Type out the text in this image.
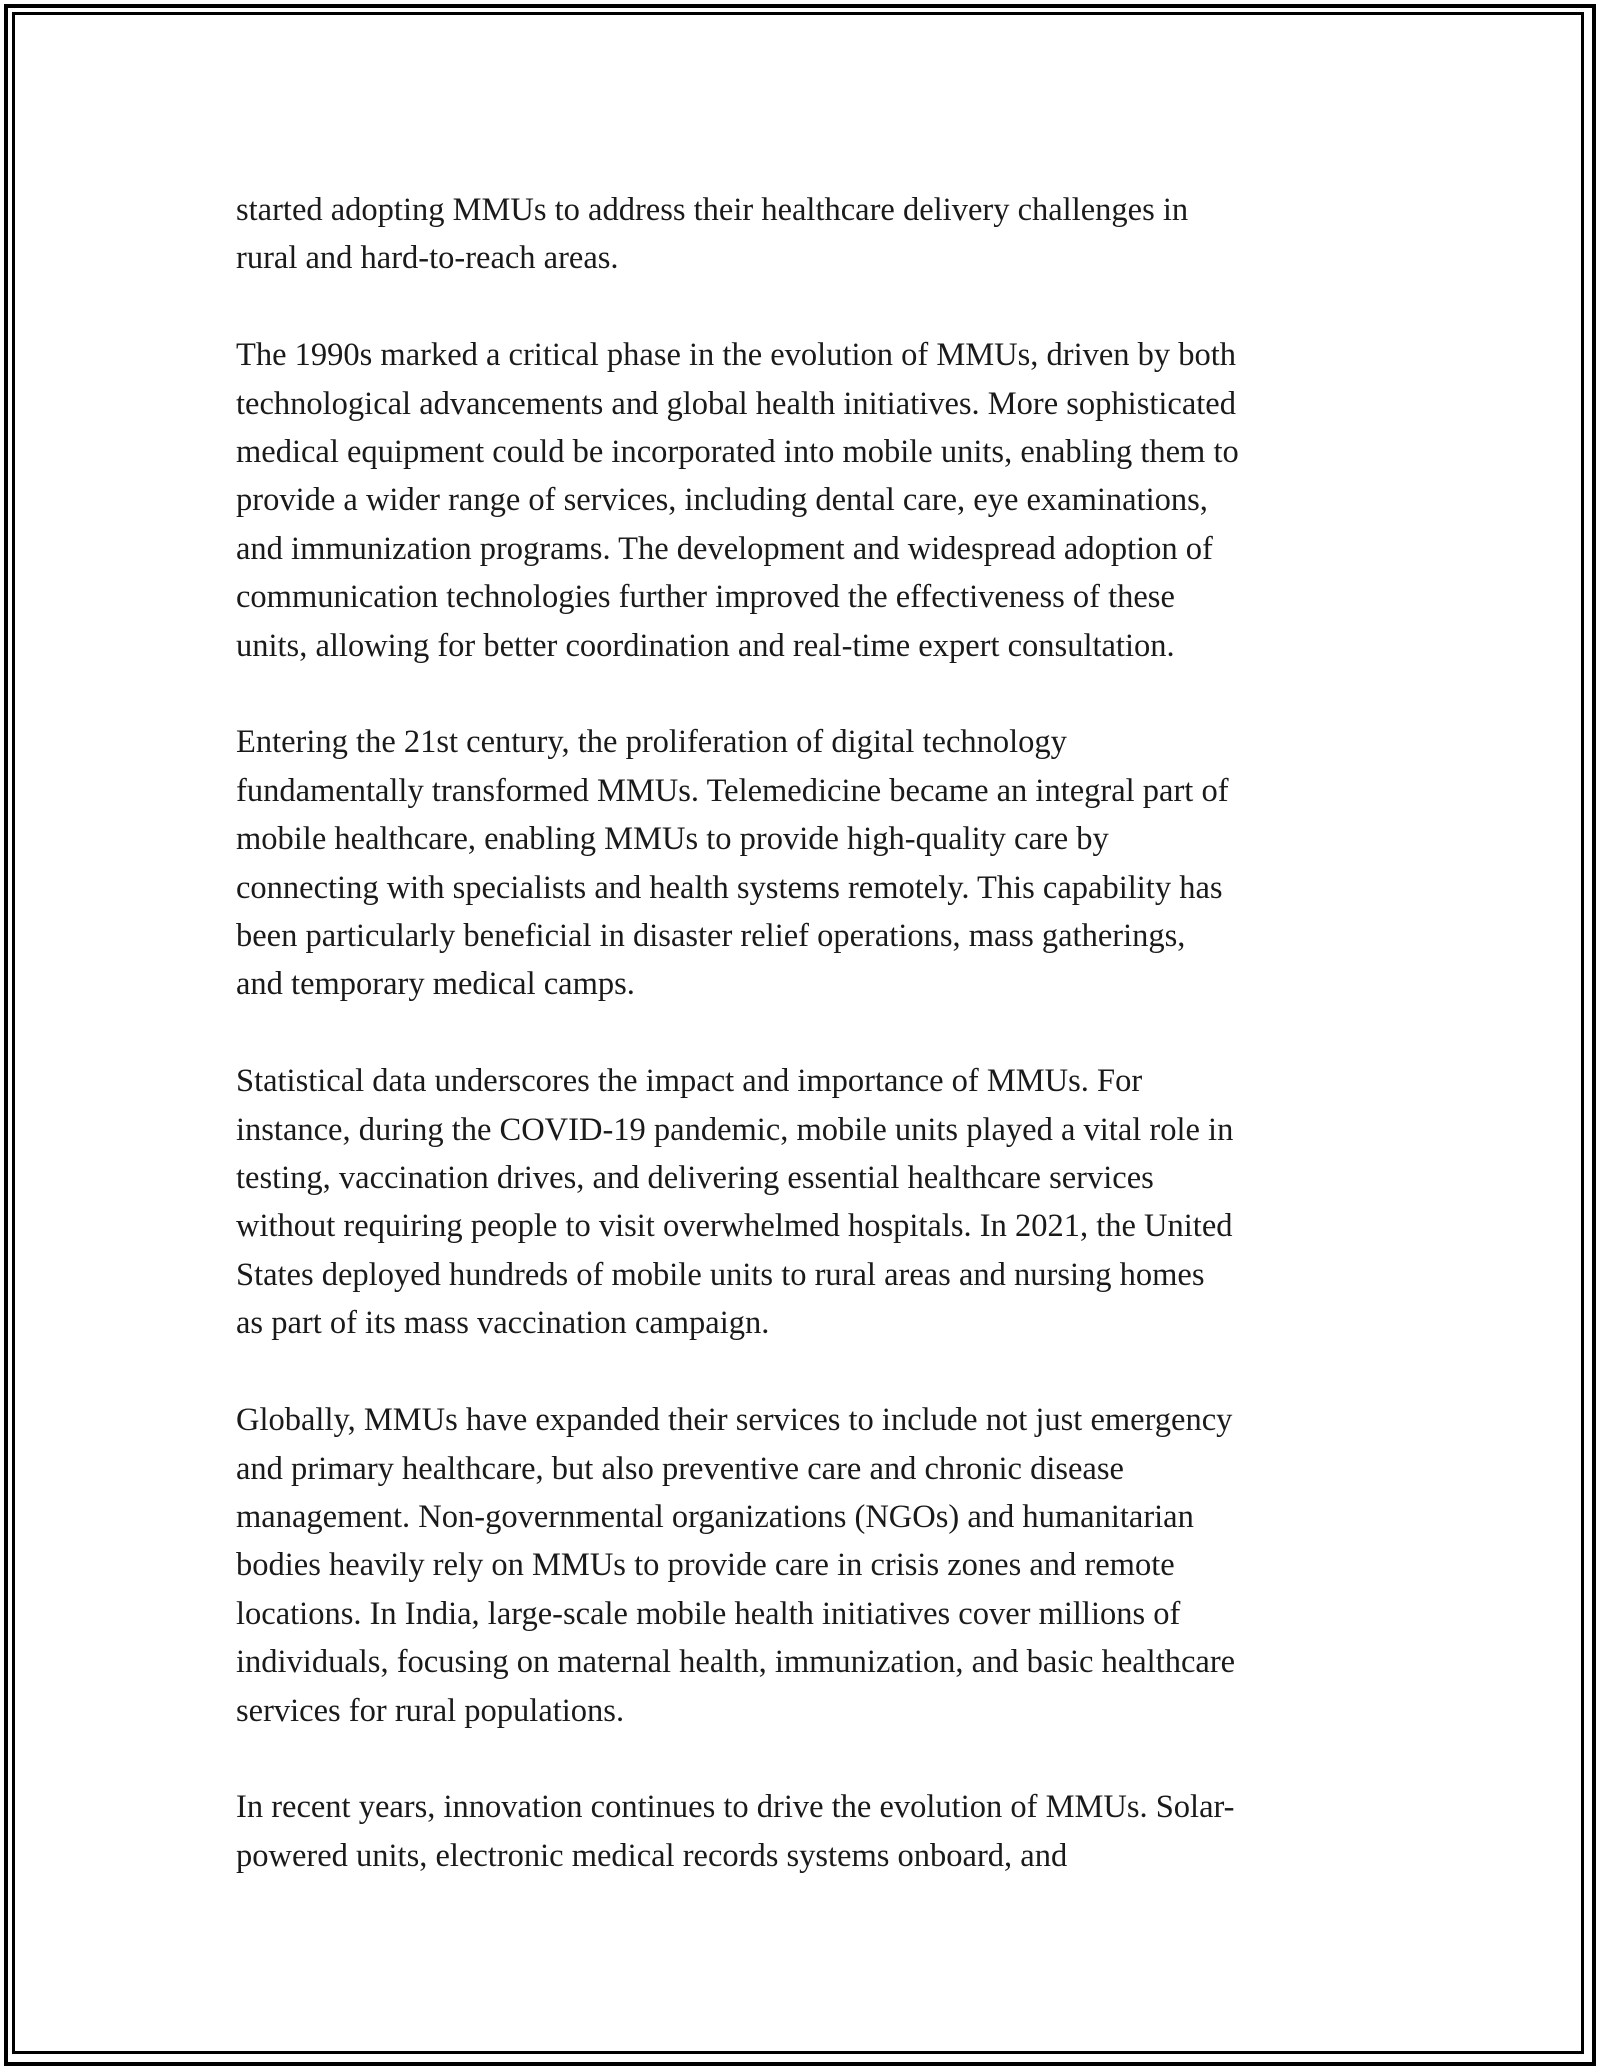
started adopting MMUs to address their healthcare delivery challenges in
rural and hard-to-reach areas.

The 1990s marked a critical phase in the evolution of MMUs, driven by both
technological advancements and global health initiatives. More sophisticated
medical equipment could be incorporated into mobile units, enabling them to
provide a wider range of services, including dental care, eye examinations,
and immunization programs. The development and widespread adoption of
communication technologies further improved the effectiveness of these
units, allowing for better coordination and real-time expert consultation.

Entering the 21st century, the proliferation of digital technology
fundamentally transformed MMUs. Telemedicine became an integral part of
mobile healthcare, enabling MMUs to provide high-quality care by
connecting with specialists and health systems remotely. This capability has
been particularly beneficial in disaster relief operations, mass gatherings,
and temporary medical camps.

Statistical data underscores the impact and importance of MMUs. For
instance, during the COVID-19 pandemic, mobile units played a vital role in
testing, vaccination drives, and delivering essential healthcare services
without requiring people to visit overwhelmed hospitals. In 2021, the United
States deployed hundreds of mobile units to rural areas and nursing homes
as part of its mass vaccination campaign.

Globally, MMUs have expanded their services to include not just emergency
and primary healthcare, but also preventive care and chronic disease
management. Non-governmental organizations (NGOs) and humanitarian
bodies heavily rely on MMUs to provide care in crisis zones and remote
locations. In India, large-scale mobile health initiatives cover millions of
individuals, focusing on maternal health, immunization, and basic healthcare
services for rural populations.

In recent years, innovation continues to drive the evolution of MMUs. Solar-
powered units, electronic medical records systems onboard, and
